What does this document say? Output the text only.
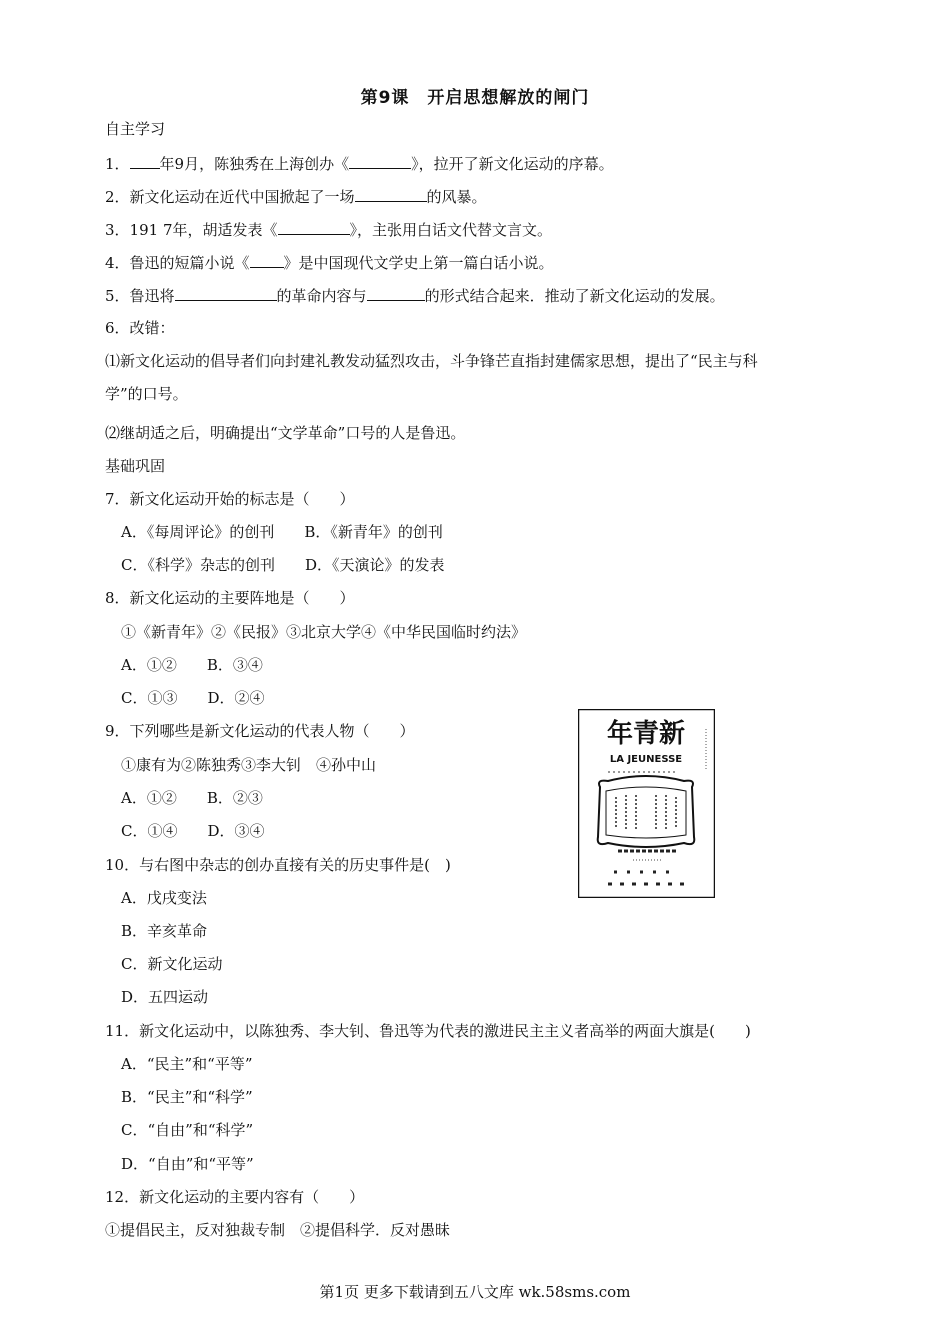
第9课　开启思想解放的闸门
自主学习
1． 年9月，陈独秀在上海创办《	》，拉开了新文化运动的序幕。
2．新文化运动在近代中国掀起了一场	的风暴。
3．191 7年，胡适发表《	》，主张用白话文代替文言文。
4．鲁迅的短篇小说《 》是中国现代文学史上第一篇白话小说。
5．鲁迅将	的革命内容与	的形式结合起来．推动了新文化运动的发展。
6．改错：
⑴新文化运动的倡导者们向封建礼教发动猛烈攻击，斗争锋芒直指封建儒家思想，提出了“民主与科
学”的口号。
⑵继胡适之后，明确提出“文学革命”口号的人是鲁迅。
基础巩固
7．新文化运动开始的标志是（　　）
A．《每周评论》的创刊　　B．《新青年》的创刊
C．《科学》杂志的创刊　　D．《天演论》的发表
8．新文化运动的主要阵地是（　　）
①《新青年》②《民报》③北京大学④《中华民国临时约法》
A．①②　　B．③④
C．①③　　D．②④
9．下列哪些是新文化运动的代表人物（　　）
①康有为②陈独秀③李大钊　④孙中山
A．①②　　B．②③
C．①④　　D．③④
10．与右图中杂志的创办直接有关的历史事件是(　)
A．戊戌变法
B．辛亥革命
C．新文化运动
D．五四运动
11．新文化运动中，以陈独秀、李大钊、鲁迅等为代表的激进民主主义者高举的两面大旗是(　　)
A．“民主”和“平等”
B．“民主”和“科学”
C．“自由”和“科学”
D．“自由”和“平等”
12．新文化运动的主要内容有（　　）
①提倡民主，反对独裁专制　②提倡科学．反对愚昧
年青新
LA JEUNESSE
第1页 更多下载请到五八文库 wk.58sms.com
